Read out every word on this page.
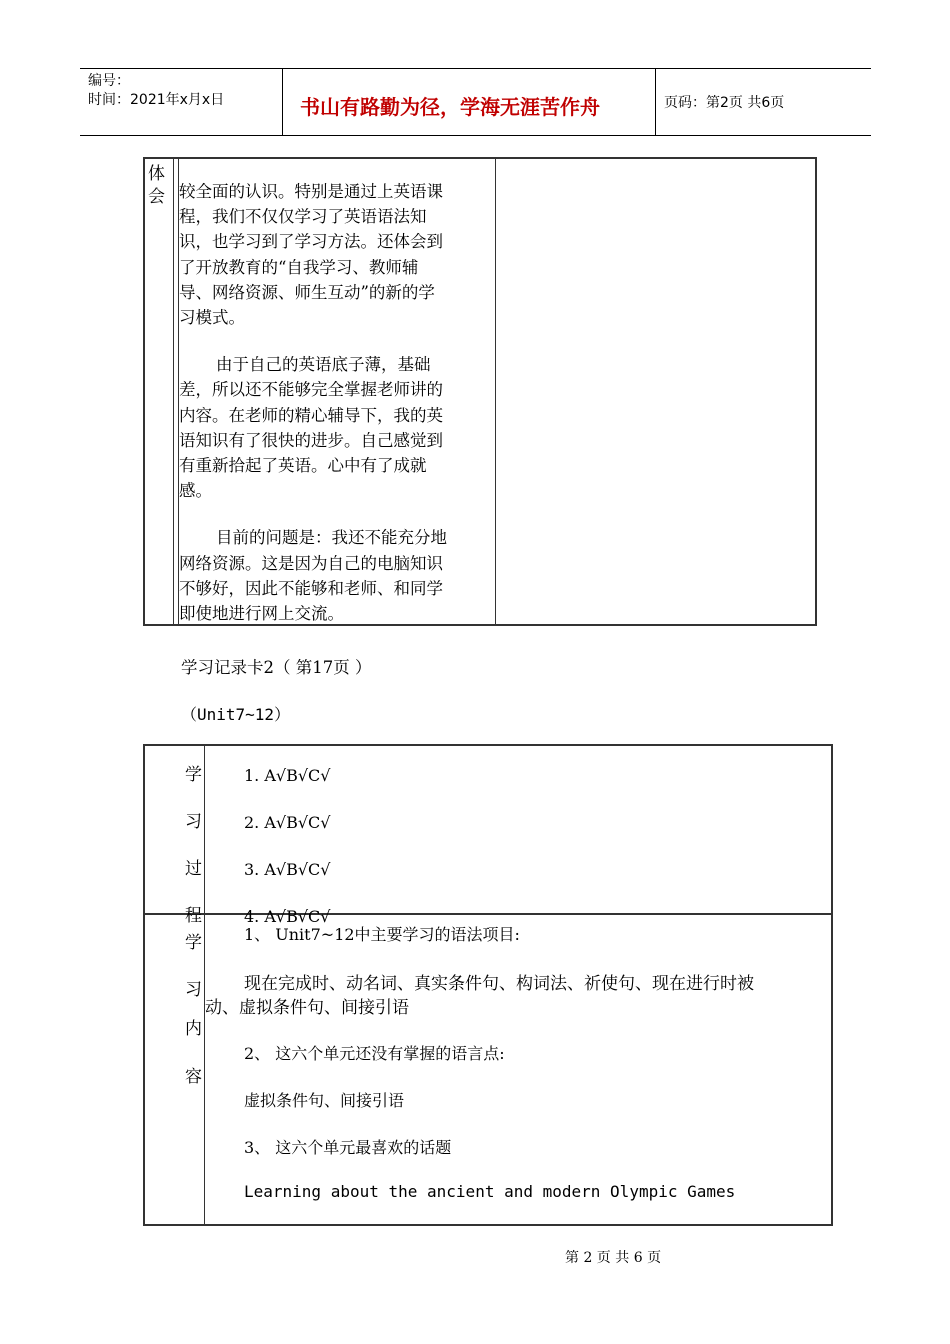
编号：
时间：2021年x月x日	书山有路勤为径，学海无涯苦作舟	页码：第2页 共6页
体
会 较全面的认识。特别是通过上英语课
程，我们不仅仅学习了英语语法知
识，也学习到了学习方法。还体会到
了开放教育的“自我学习、教师辅
导、网络资源、师生互动”的新的学
习模式。
由于自己的英语底子薄，基础
差，所以还不能够完全掌握老师讲的
内容。在老师的精心辅导下，我的英
语知识有了很快的进步。自己感觉到
有重新拾起了英语。心中有了成就
感。
目前的问题是：我还不能充分地
网络资源。这是因为自己的电脑知识
不够好，因此不能够和老师、和同学
即使地进行网上交流。
学习记录卡2（ 第17页 ）
（Unit7~12）
学
习
过
程
1. A√B√C√
2. A√B√C√
3. A√B√C√
4. A√B√C√
学
习
内
容
1、 Unit7~12中主要学习的语法项目:
现在完成时、动名词、真实条件句、构词法、祈使句、现在进行时被
动、虚拟条件句、间接引语
2、 这六个单元还没有掌握的语言点:
虚拟条件句、间接引语
3、 这六个单元最喜欢的话题
Learning about the ancient and modern Olympic Games
第 2 页 共 6 页
